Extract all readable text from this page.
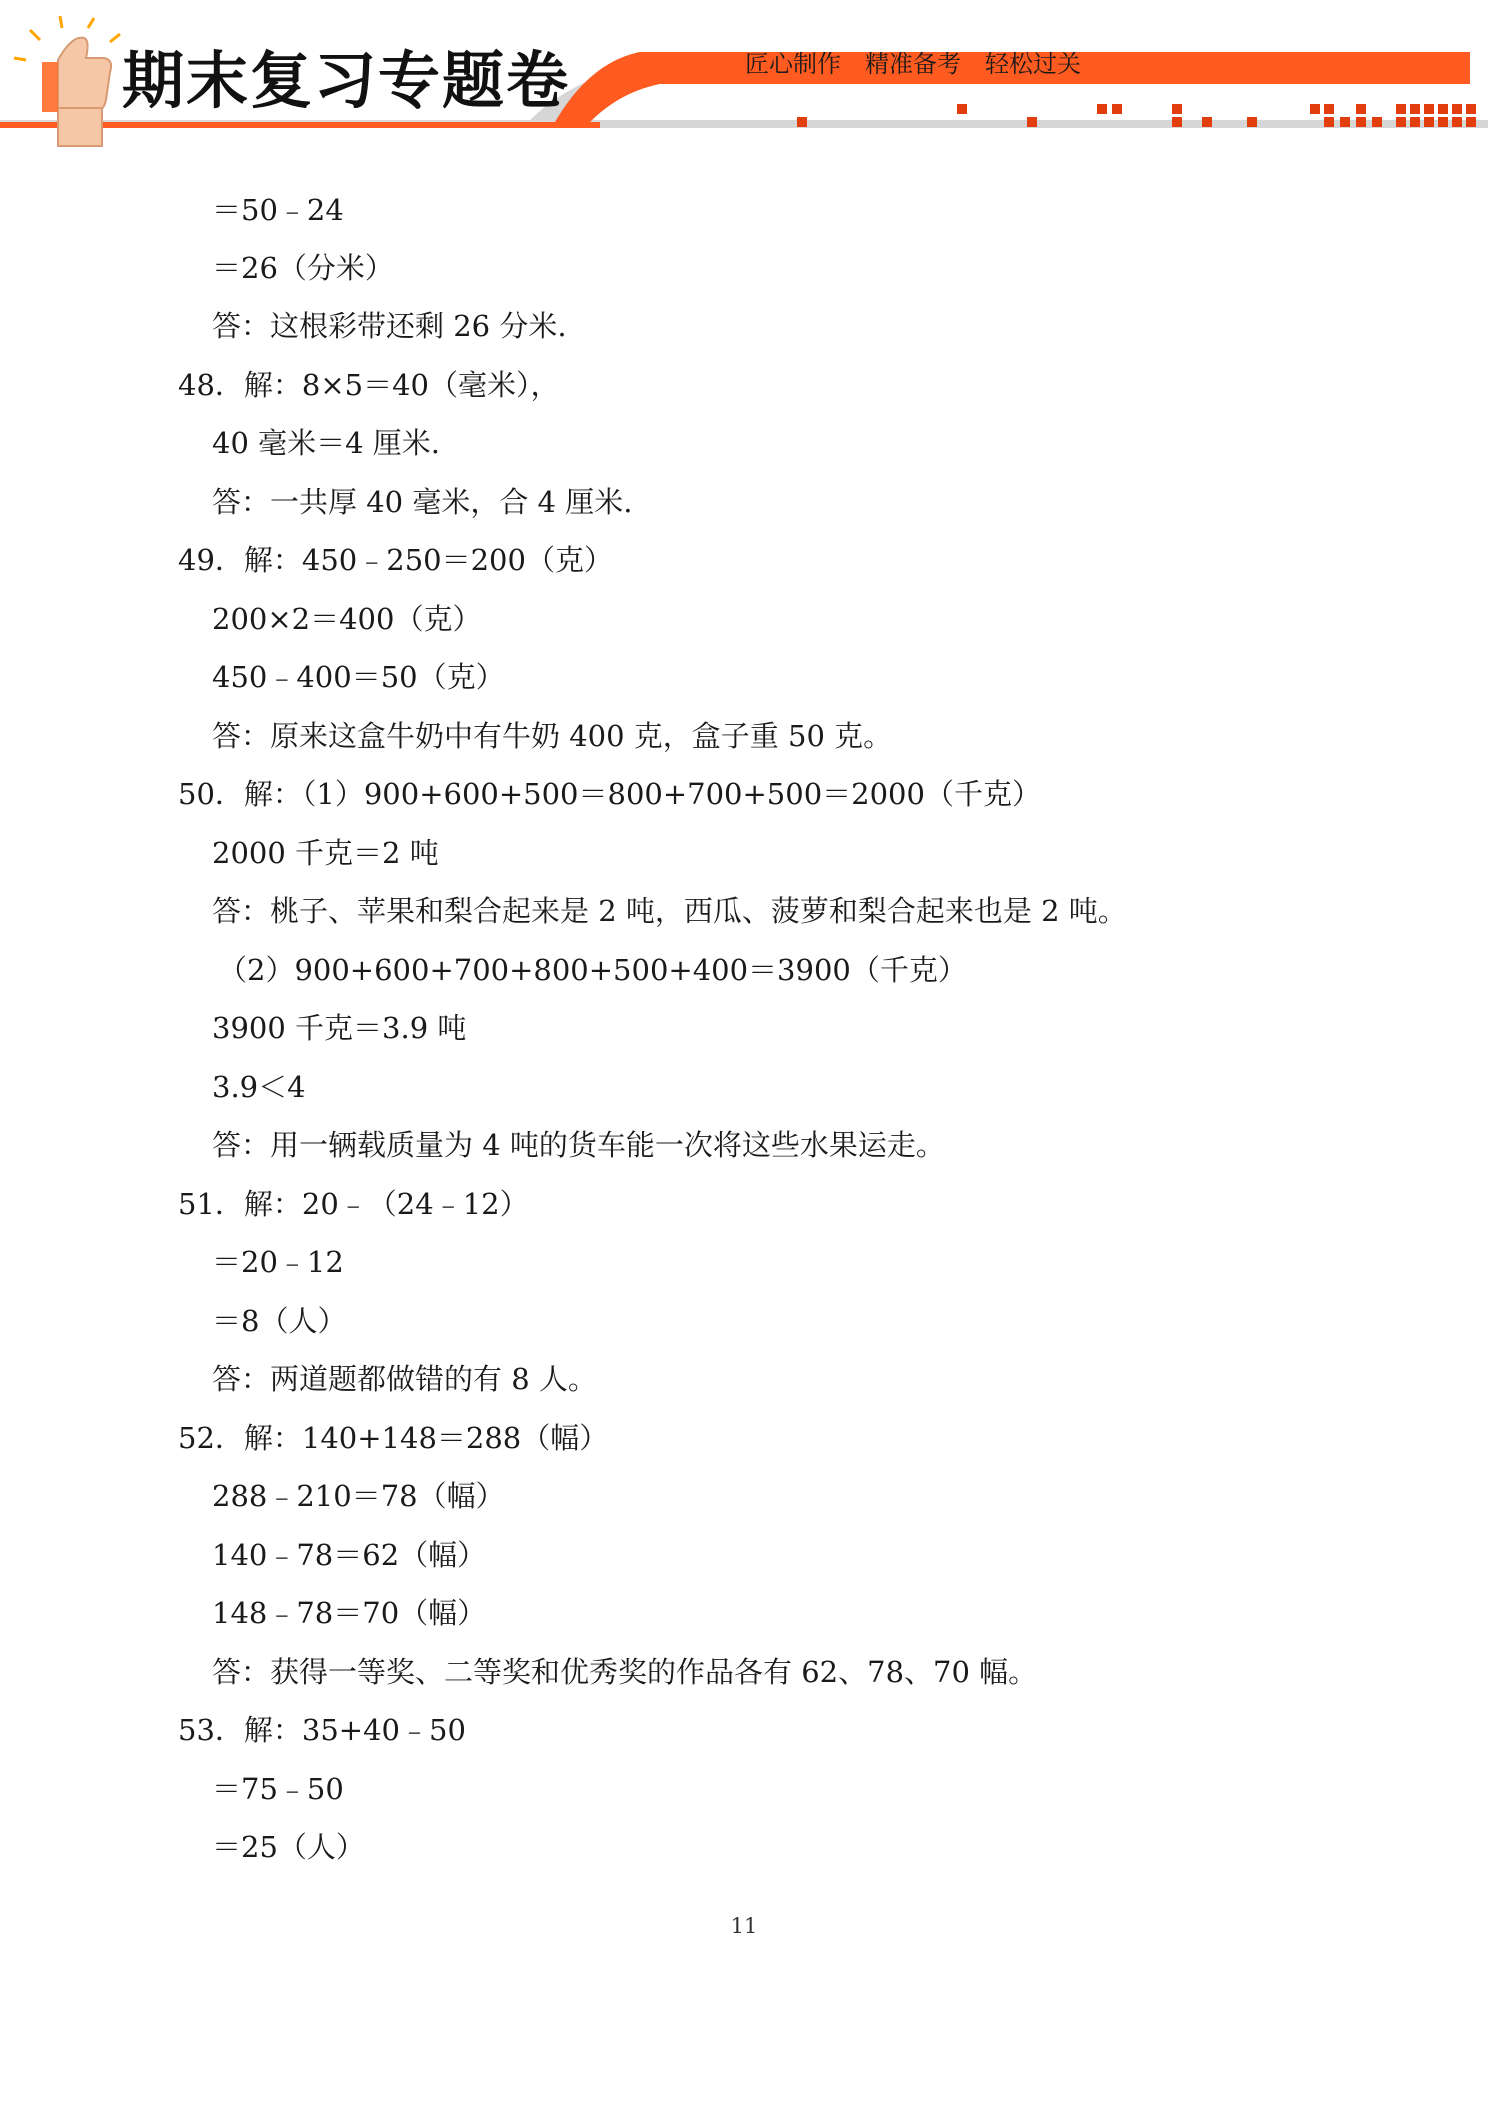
期末复习专题卷	匠心制作 精准备考 轻松过关
＝50﹣24
＝26（分米）
答：这根彩带还剩 26 分米.
48．解：8×5＝40（毫米），
40 毫米＝4 厘米.
答：一共厚 40 毫米，合 4 厘米.
49．解：450﹣250＝200（克）
200×2＝400（克）
450﹣400＝50（克）
答：原来这盒牛奶中有牛奶 400 克，盒子重 50 克。
50．解：（1）900+600+500＝800+700+500＝2000（千克）
2000 千克＝2 吨
答：桃子、苹果和梨合起来是 2 吨，西瓜、菠萝和梨合起来也是 2 吨。
（2）900+600+700+800+500+400＝3900（千克）
3900 千克＝3.9 吨
3.9＜4
答：用一辆载质量为 4 吨的货车能一次将这些水果运走。
51．解：20﹣（24﹣12）
＝20﹣12
＝8（人）
答：两道题都做错的有 8 人。
52．解：140+148＝288（幅）
288﹣210＝78（幅）
140﹣78＝62（幅）
148﹣78＝70（幅）
答：获得一等奖、二等奖和优秀奖的作品各有 62、78、70 幅。
53．解：35+40﹣50
＝75﹣50
＝25（人）
11
